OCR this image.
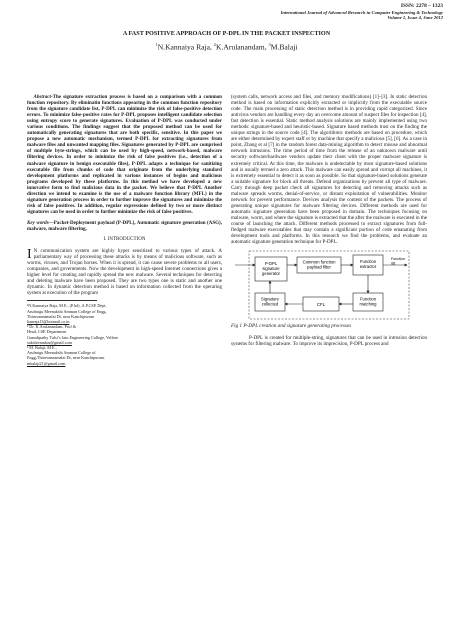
ISSN: 2278 – 1323
International Journal of Advanced Research in Computer Engineering & Technology
Volume 1, Issue 4, June 2012
A FAST POSITIVE APPROACH OF P-DPL IN THE PACKET INSPECTION
$^1$N.Kannaiya Raja, $^2$K.Arulanandam, $^3$M.Balaji

Abstract-The signature extraction process is based on a comparison with a common function repository. By eliminatin functions appearing in the common function repository from the signature candidate list, P-DPL can minimize the risk of false-positive detection errors. To minimize false-positive rates for P-DPL proposes intelligent candidate selection using entropy score to generate signatures. Evaluation of P-DPL was conducted under various conditions. The findings suggest that the proposed method can be used for automatically generating signatures that are both specific, sensitive. In this paper we propose a new automatic mechanism, termed P-DPL for extracting signatures from malware files and unwanted mapping files. Signatures generated by P-DPL are comprised of multiple byte-strings, which can be used by high-speed, network-based, malware filtering devices. In order to minimize the risk of false positives (i.e., detection of a malware signature in benign executable files), P-DPL adapts a technique for sanitizing executable file from chunks of code that originate from the underlying standard development platforms and replicated in various instances of begins and malicious programs developed by these platforms. In this method we have developed a new innovative form to find malicious data in the packet. We believe that P-DPL Another direction we intend to examine is the use of a malware function library (MFL) in the signature generation process in order to further improve the signatures and minimize the risk of false positives. In addition, regular expressions defined by two or more distinct signatures can be used in order to further minimize the risk of false positives.

Key words—Packet-Deployment payload (P-DPL), Automatic signature generation (ASG), malware, malware filtering,

I. INTRODUCTION

I N communication system are highly hyper sensitized to various types of attack. A parliamentary way of processing these attacks is by means of malicious software, such as worms, viruses, and Trojan horses. When it is spread, it can cause severe problems to all users, companies, and governments. Now the development in high-speed Internet connections gives a higher level for creating and rapidly spread the new malware. Several techniques for detecting and deleting malware have been proposed. They are two types one is static and another one dynamic. In dynamic detection method is based on information collected from the operating system at execution of the program

¹N.Kannaiya Raja, M.E., (P.hd) ,A.P.CSE Dept.
Arulmigu Meenakshi Amman College of Engg,
Thiruvannamalai Dt, near Kanchipuram
kanraja13@hotmail.co.in
² Dr. K.Arulanandam, Prof &
Head, CSE Department
Ganadipathy Tulsi’s Jain Engineering College, Vellore
sukshivamkar@gmail.com
³ M. Balaji, M.E.,
Arulmigu Meenakshi Amman College of
Engg,Thiruvannamalai Dt, near Kanchipuram.
mbalaji21@gmail.com

(system calls, network access and files, and memory modifications) [1]–[3]. In static detection method is based on information explicitly extracted or implicitly from the executable source code. The main processing of static detection method is in providing rapid categorized. Since antivirus vendors are handling every day an overcome amount of suspect files for inspection [4], fast detection is essential. Static method analysis solutions are mainly implemented using two methods: signature-based and heuristic-based. Signature based methods trust on the finding the unique strings in the source code [4]. The algorithmic methods are based on procedure, which are either determined by expert staff or by machine that specify a malicious [5], [6]. As a case in point, Zhang et al [7] in the random forest data-mining algorithm to detect misuse and abnormal network intrusions. The time period of time from the release of an unknown malware until security software/hardware vendors update their client with the proper malware signature is extremely critical. At this time, the malware is undetectable by most signature-based solutions and is usually termed a zero attack. This malware can easily spread and corrupt all machines, it is extremely essential to detect it as soon as possible. So that signature-based solutions generate a suitable signature for block all threats. Defend organizations by prevent all type of malware. Carry through deep packet check all signatures for detecting and removing attacks such as malware spreads worms, denial-of-service, or distant exploitation of vulnerabilities. Monitor network for prevent performance. Devices analysis the content of the packets. The process of generating unique signatures for malware filtering devices. Different methods are used for automatic signature generation have been proposed in domain. The techniques focusing on malware, worm, and where the signature is extracted that the after the malware is executed in the course of launching the attack. Different methods processed to extract signatures from full-fledged malware executables that may contain a significant portion of code emanating from development tools and platforms. In this research we find the problems, and evaluate an automatic signature generation technique for P-DPL.

P-DPL signature generator
Common function payload filter
Function extractor
Function list
Signature collected	CFL
Function matching

Fig 1 P-DPL creation and signature generating processes

P-DPL is created for multiple-string, signatures that can be used in intrusion detection systems for filtering malware. To improve its imprecision, P-DPL process and
